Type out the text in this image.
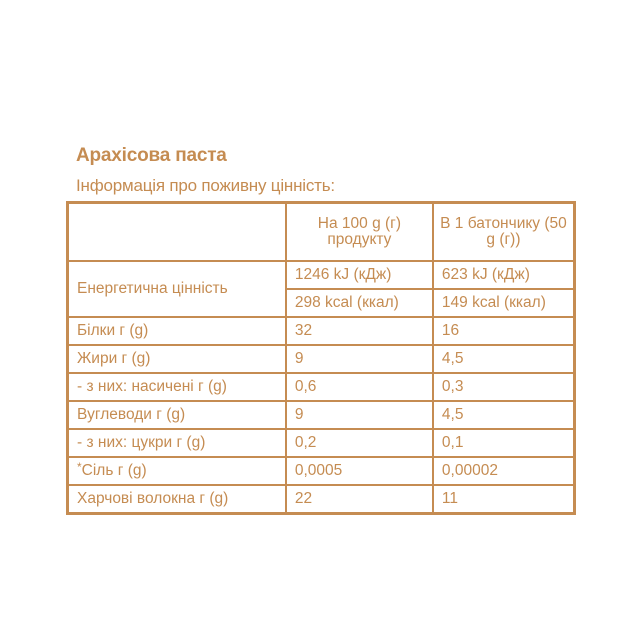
Арахісова паста
Інформація про поживну цінність:
	На 100 g (г) продукту	В 1 батончику (50 g (г))
Енергетична цінність	1246 kJ (кДж)	623 kJ (кДж)
	298 kcal (ккал)	149 kcal (ккал)
Білки г (g)	32	16
Жири г (g)	9	4,5
- з них: насичені г (g)	0,6	0,3
Вуглеводи г (g)	9	4,5
- з них: цукри г (g)	0,2	0,1
*Сіль г (g)	0,0005	0,00002
Харчові волокна г (g)	22	11
